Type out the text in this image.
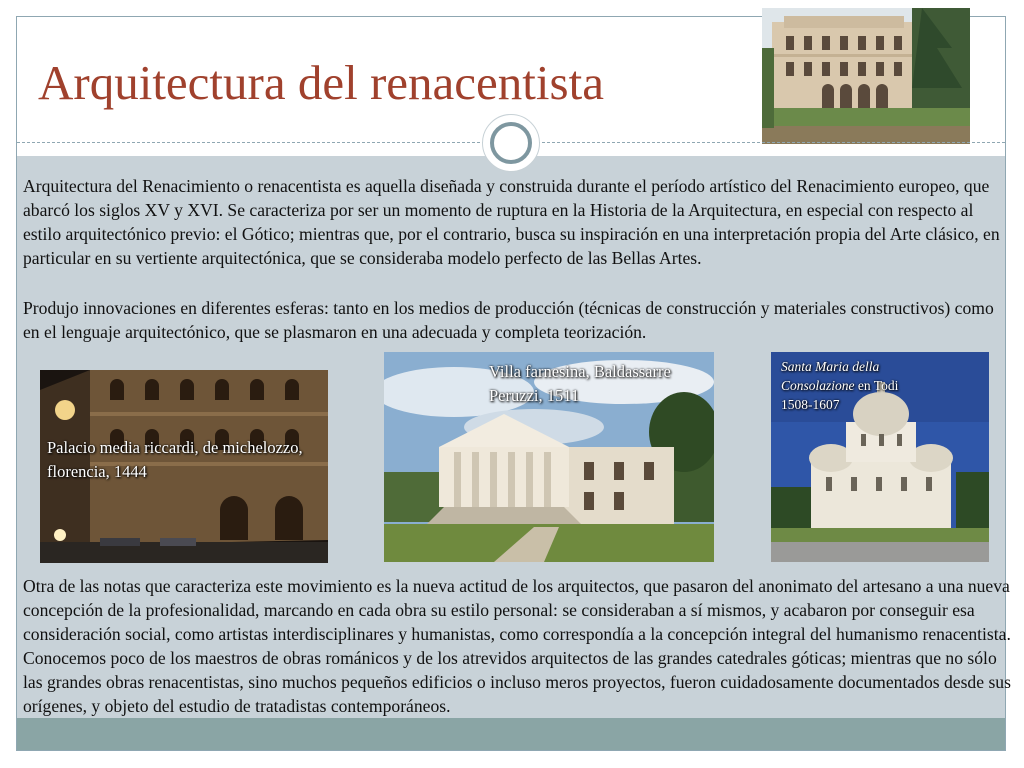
Arquitectura del renacentista

Arquitectura del Renacimiento o renacentista es aquella diseñada y construida durante el período artístico del Renacimiento europeo, que abarcó los siglos XV y XVI. Se caracteriza por ser un momento de ruptura en la Historia de la Arquitectura, en especial con respecto al estilo arquitectónico previo: el Gótico; mientras que, por el contrario, busca su inspiración en una interpretación propia del Arte clásico, en particular en su vertiente arquitectónica, que se consideraba modelo perfecto de las Bellas Artes.

Produjo innovaciones en diferentes esferas: tanto en los medios de producción (técnicas de construcción y materiales constructivos) como en el lenguaje arquitectónico, que se plasmaron en una adecuada y completa teorización.

Palacio media riccardi, de michelozzo, florencia, 1444

Villa farnesina, Baldassarre Peruzzi, 1511

Santa Maria della
Consolazione en Todi
1508-1607

Otra de las notas que caracteriza este movimiento es la nueva actitud de los arquitectos, que pasaron del anonimato del artesano a una nueva concepción de la profesionalidad, marcando en cada obra su estilo personal: se consideraban a sí mismos, y acabaron por conseguir esa consideración social, como artistas interdisciplinares y humanistas, como correspondía a la concepción integral del humanismo renacentista. Conocemos poco de los maestros de obras románicos y de los atrevidos arquitectos de las grandes catedrales góticas; mientras que no sólo las grandes obras renacentistas, sino muchos pequeños edificios o incluso meros proyectos, fueron cuidadosamente documentados desde sus orígenes, y objeto del estudio de tratadistas contemporáneos.
